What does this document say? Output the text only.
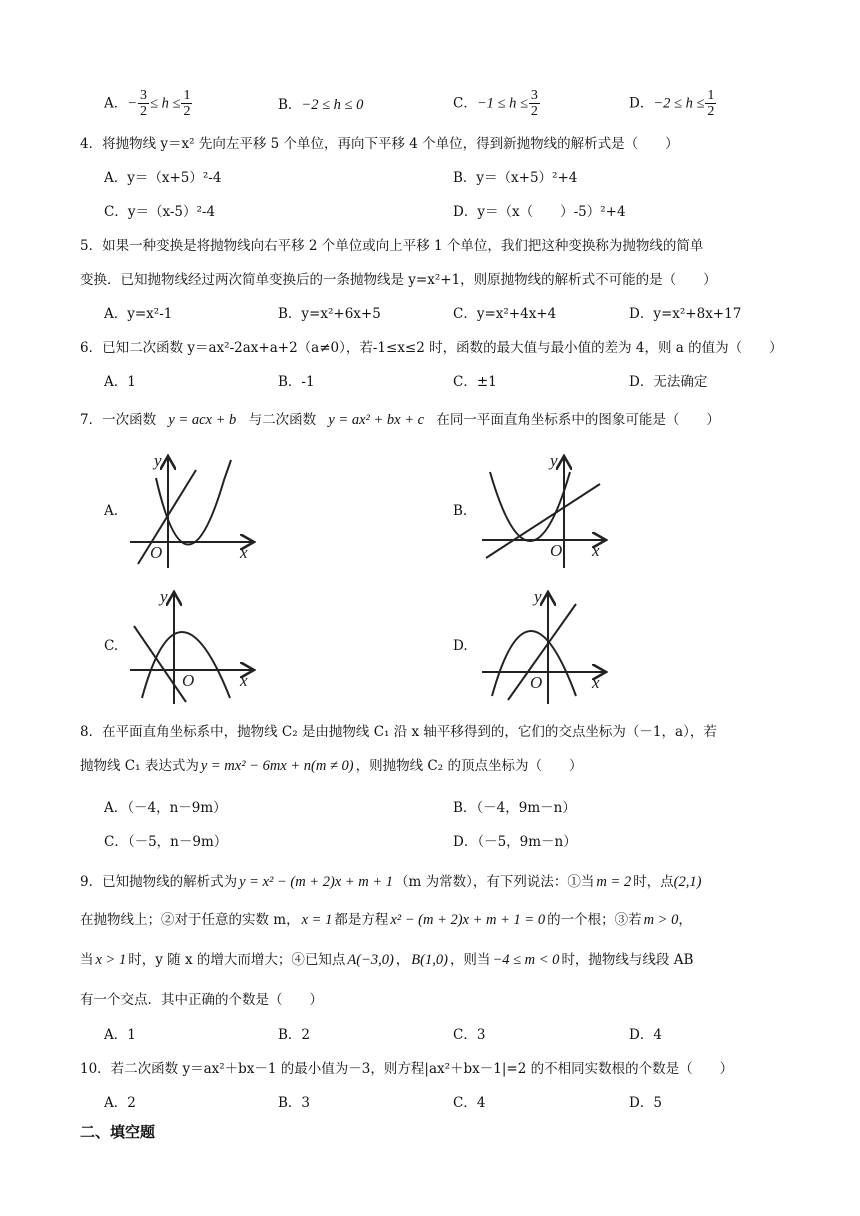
A．− $\frac{3}{2} \le h \le \frac{1}{2}$	B．−2 ≤ h ≤ 0	C．$-1 \le h \le \frac{3}{2}$	D．$-2 \le h \le \frac{1}{2}$
4．将抛物线 y＝x² 先向左平移 5 个单位，再向下平移 4 个单位，得到新抛物线的解析式是（　　）
A．y＝（x+5）²-4	B．y＝（x+5）²+4
C．y＝（x-5）²-4	D．y＝（x（　　）-5）²+4
5．如果一种变换是将抛物线向右平移 2 个单位或向上平移 1 个单位，我们把这种变换称为抛物线的简单
变换．已知抛物线经过两次简单变换后的一条抛物线是 y=x²+1，则原抛物线的解析式不可能的是（　　）
A．y=x²-1	B．y=x²+6x+5	C．y=x²+4x+4	D．y=x²+8x+17
6．已知二次函数 y＝ax²-2ax+a+2（a≠0），若-1≤x≤2 时，函数的最大值与最小值的差为 4，则 a 的值为（　　）
A．1	B．-1	C．±1	D．无法确定
7．一次函数 y = acx + b 与二次函数 y = ax² + bx + c 在同一平面直角坐标系中的图象可能是（　　）
A.	B.
C.	D.
y
x
O
y
x
O
y
x
O
y
x
O
8．在平面直角坐标系中，抛物线 C₂ 是由抛物线 C₁ 沿 x 轴平移得到的，它们的交点坐标为（－1，a），若
抛物线 C₁ 表达式为 y = mx² − 6mx + n(m ≠ 0) ，则抛物线 C₂ 的顶点坐标为（　　）
A．（－4，n－9m）	B．（－4，9m－n）
C．（－5，n－9m）	D．（－5，9m－n）
9．已知抛物线的解析式为 y = x² − (m + 2)x + m + 1 （m 为常数），有下列说法：①当 m = 2 时，点(2,1)
在抛物线上；②对于任意的实数 m， x = 1 都是方程 x² − (m + 2)x + m + 1 = 0 的一个根；③若 m > 0，
当 x > 1 时，y 随 x 的增大而增大；④已知点 A(−3,0) ， B(1,0) ，则当 −4 ≤ m < 0 时，抛物线与线段 AB
有一个交点．其中正确的个数是（　　）
A．1	B．2	C．3	D．4
10．若二次函数 y＝ax²＋bx－1 的最小值为－3，则方程|ax²＋bx－1|=2 的不相同实数根的个数是（　　）
A．2	B．3	C．4	D．5
二、填空题
